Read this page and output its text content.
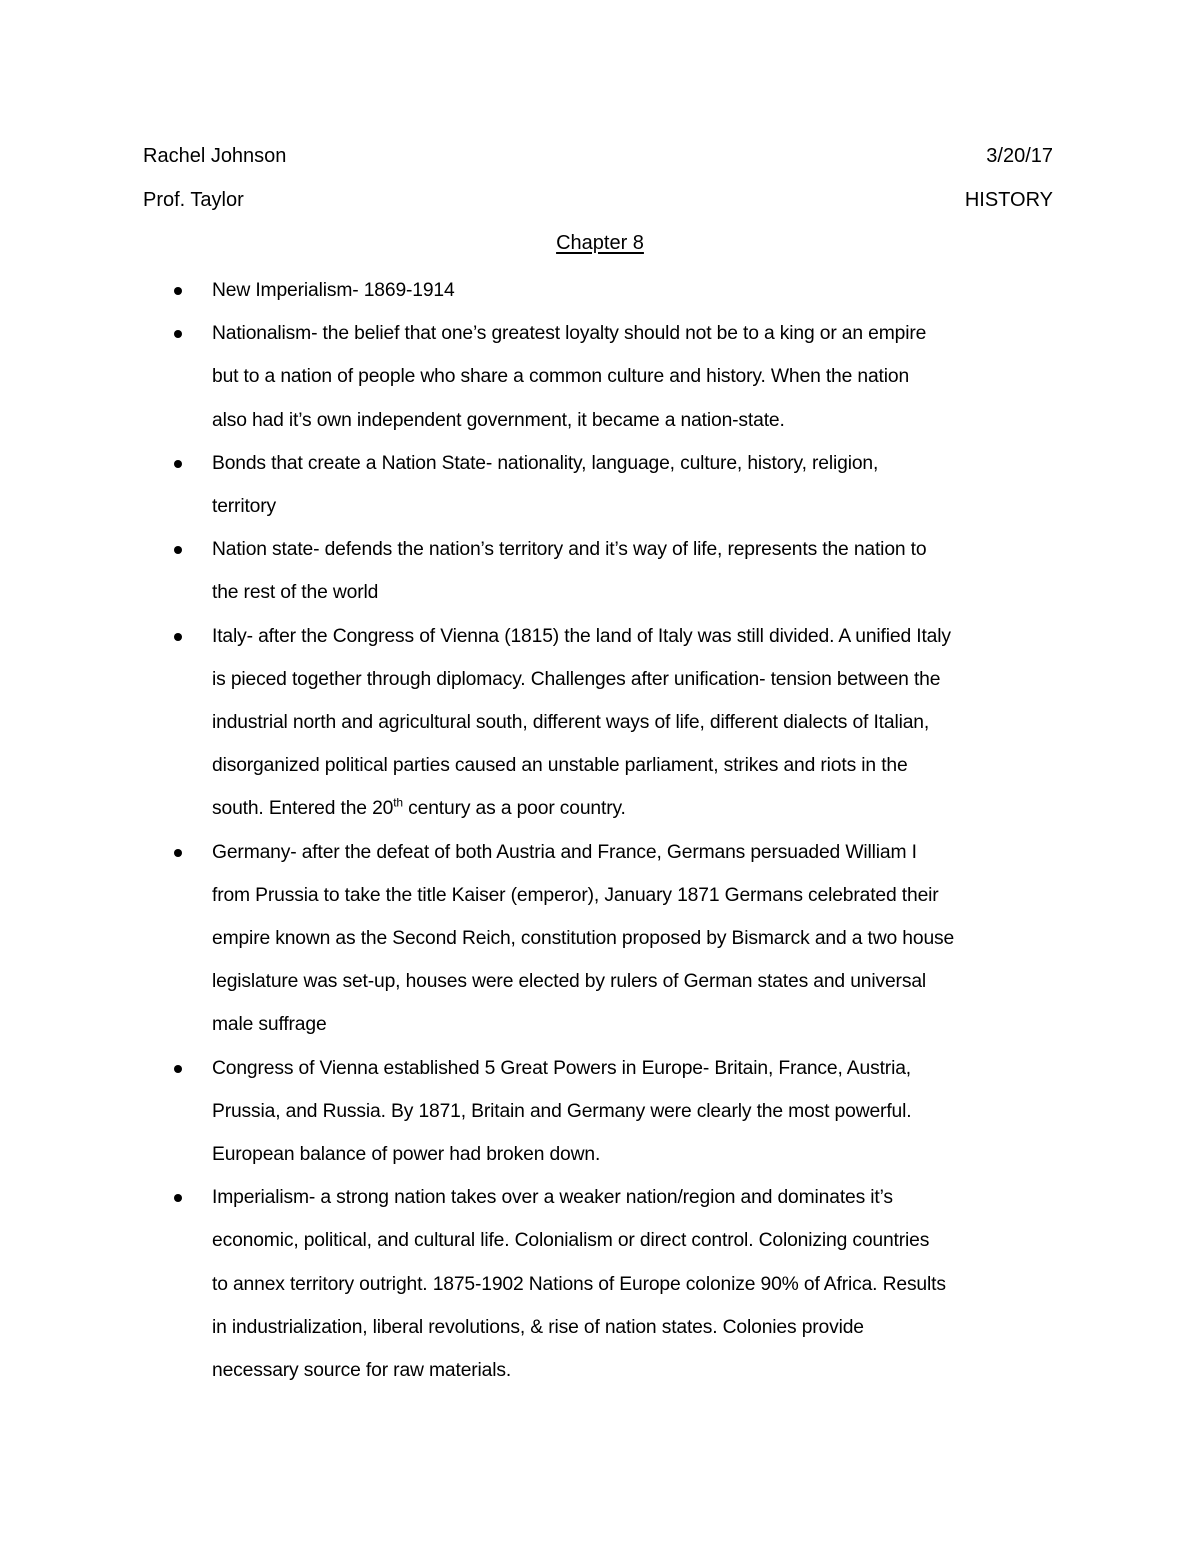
Rachel Johnson	3/20/17
Prof. Taylor	HISTORY
Chapter 8
New Imperialism- 1869-1914
Nationalism- the belief that one’s greatest loyalty should not be to a king or an empire
but to a nation of people who share a common culture and history. When the nation
also had it’s own independent government, it became a nation-state.
Bonds that create a Nation State- nationality, language, culture, history, religion,
territory
Nation state- defends the nation’s territory and it’s way of life, represents the nation to
the rest of the world
Italy- after the Congress of Vienna (1815) the land of Italy was still divided. A unified Italy
is pieced together through diplomacy. Challenges after unification- tension between the
industrial north and agricultural south, different ways of life, different dialects of Italian,
disorganized political parties caused an unstable parliament, strikes and riots in the
south. Entered the 20th century as a poor country.
Germany- after the defeat of both Austria and France, Germans persuaded William I
from Prussia to take the title Kaiser (emperor), January 1871 Germans celebrated their
empire known as the Second Reich, constitution proposed by Bismarck and a two house
legislature was set-up, houses were elected by rulers of German states and universal
male suffrage
Congress of Vienna established 5 Great Powers in Europe- Britain, France, Austria,
Prussia, and Russia. By 1871, Britain and Germany were clearly the most powerful.
European balance of power had broken down.
Imperialism- a strong nation takes over a weaker nation/region and dominates it’s
economic, political, and cultural life. Colonialism or direct control. Colonizing countries
to annex territory outright. 1875-1902 Nations of Europe colonize 90% of Africa. Results
in industrialization, liberal revolutions, & rise of nation states. Colonies provide
necessary source for raw materials.
